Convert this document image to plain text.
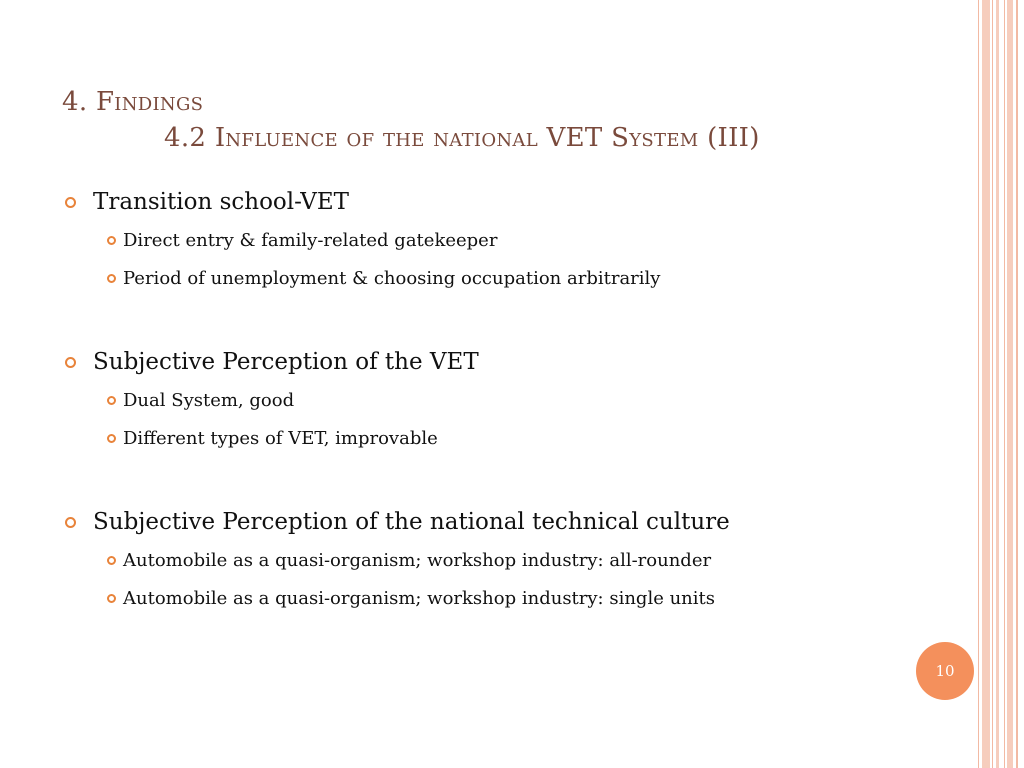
4. Findings
4.2 Influence of the national VET System (III)
Transition school-VET
Direct entry & family-related gatekeeper
Period of unemployment & choosing occupation arbitrarily
Subjective Perception of the VET
Dual System, good
Different types of VET, improvable
Subjective Perception of the national technical culture
Automobile as a quasi-organism; workshop industry: all-rounder
Automobile as a quasi-organism; workshop industry: single units
10
